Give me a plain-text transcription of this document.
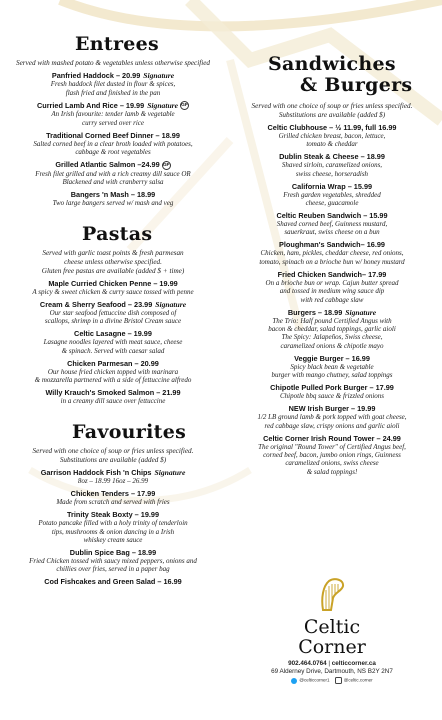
Entrees

Served with mashed potato & vegetables unless otherwise specified

Panfried Haddock – 20.99 Signature
Fresh haddock filet dusted in flour & spices,
flash fried and finished in the pan
Curried Lamb And Rice – 19.99 Signature GF
An Irish favourite: tender lamb & vegetable
curry served over rice
Traditional Corned Beef Dinner – 18.99
Salted corned beef in a clear broth loaded with potatoes,
cabbage & root vegetables
Grilled Atlantic Salmon –24.99 GF
Fresh filet grilled and with a rich creamy dill sauce OR
Blackened and with cranberry salsa
Bangers 'n Mash – 18.99
Two large bangers served w/ mash and veg
Pastas

Served with garlic toast points & fresh parmesan

cheese unless otherwise specified.

Gluten free pastas are available (added $ + time)

Maple Curried Chicken Penne – 19.99
A spicy & sweet chicken & curry sauce tossed with penne
Cream & Sherry Seafood – 23.99 Signature
Our star seafood fettuccine dish composed of
scallops, shrimp in a divine Bristol Cream sauce
Celtic Lasagne – 19.99
Lasagne noodles layered with meat sauce, cheese
& spinach. Served with caesar salad
Chicken Parmesan – 20.99
Our house fried chicken topped with marinara
& mozzarella partnered with a side of fettuccine alfredo
Willy Krauch's Smoked Salmon – 21.99
in a creamy dill sauce over fettuccine
Favourites

Served with one choice of soup or fries unless specified.

Substitutions are available (added $)

Garrison Haddock Fish 'n Chips Signature
8oz – 18.99 16oz – 26.99
Chicken Tenders – 17.99
Made from scratch and served with fries
Trinity Steak Boxty – 19.99
Potato pancake filled with a holy trinity of tenderloin
tips, mushrooms & onion dancing in a Irish
whiskey cream sauce
Dublin Spice Bag – 18.99
Fried Chicken tossed with saucy mixed peppers, onions and
chillies over fries, served in a paper bag
Cod Fishcakes and Green Salad – 16.99
Sandwiches
& Burgers

Served with one choice of soup or fries unless specified.

Substitutions are available (added $)

Celtic Clubhouse – ½ 11.99, full 16.99
Grilled chicken breast, bacon, lettuce,
tomato & cheddar
Dublin Steak & Cheese – 18.99
Shaved sirloin, caramelized onions,
swiss cheese, horseradish
California Wrap – 15.99
Fresh garden vegetables, shredded
cheese, guacamole
Celtic Reuben Sandwich – 15.99
Shaved corned beef, Guinness mustard,
sauerkraut, swiss cheese on a bun
Ploughman's Sandwich– 16.99
Chicken, ham, pickles, cheddar cheese, red onions,
tomato, spinach on a brioche bun w/ honey mustard
Fried Chicken Sandwich– 17.99
On a brioche bun or wrap. Cajun butter spread
and tossed in medium wing sauce dip
with red cabbage slaw
Burgers – 18.99 Signature
The Trio: Half pound Certified Angus with
bacon & cheddar, salad toppings, garlic aioli
The Spicy: Jalapeños, Swiss cheese,
caramelized onions & chipotle mayo
Veggie Burger – 16.99
Spicy black bean & vegetable
burger with mango chutney, salad toppings
Chipotle Pulled Pork Burger – 17.99
Chipotle bbq sauce & frizzled onions
NEW Irish Burger – 19.99
1/2 LB ground lamb & pork topped with goat cheese,
red cabbage slaw, crispy onions and garlic aioli
Celtic Corner Irish Round Tower – 24.99
The original "Round Tower" of Certified Angus beef,
corned beef, bacon, jumbo onion rings, Guinness
caramelized onions, swiss cheese
& salad toppings!
Celtic
Corner
902.464.0764 | celticcorner.ca
69 Alderney Drive, Dartmouth, NS B2Y 2N7
@celticcorner1	@celtic.corner
